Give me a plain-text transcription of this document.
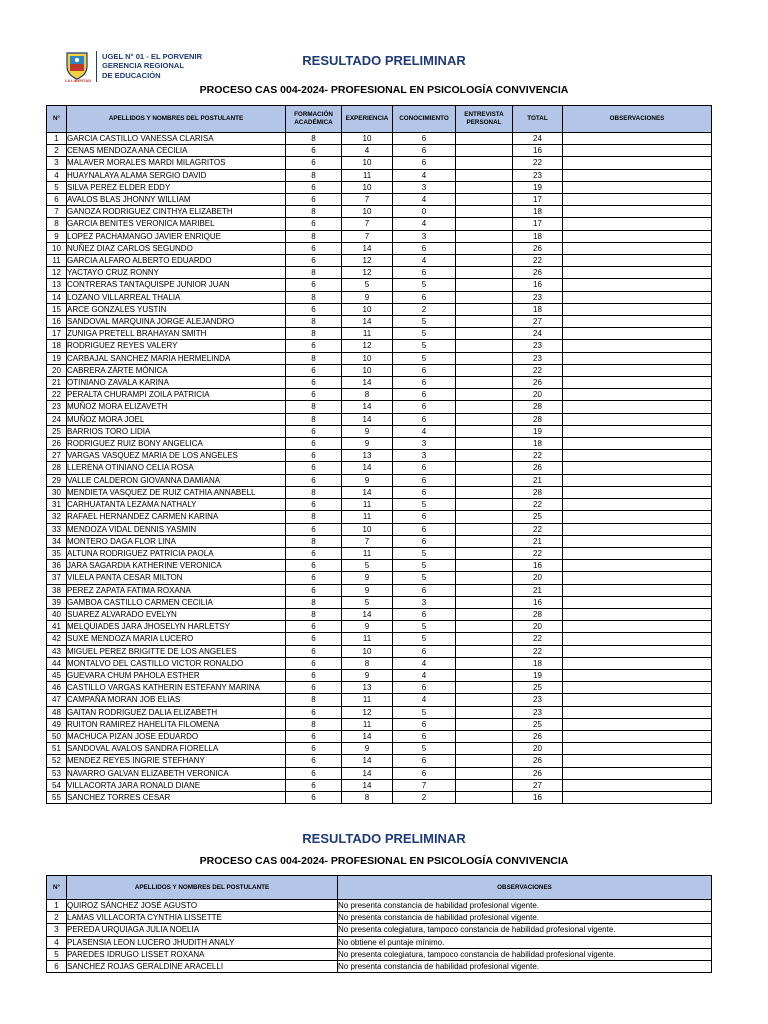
LA LIBERTAD
UGEL N° 01 - EL PORVENIR
GERENCIA REGIONAL
DE EDUCACIÓN
RESULTADO PRELIMINAR
PROCESO CAS 004-2024- PROFESIONAL EN PSICOLOGÍA CONVIVENCIA
N°	APELLIDOS Y NOMBRES DEL POSTULANTE	FORMACIÓN ACADÉMICA	EXPERIENCIA	CONOCIMIENTO	ENTREVISTA PERSONAL	TOTAL	OBSERVACIONES
1	GARCIA CASTILLO VANESSA CLARISA	8	10	6		24	
2	CENAS MENDOZA ANA CECILIA	6	4	6		16	
3	MALAVER MORALES MARDI MILAGRITOS	6	10	6		22	
4	HUAYNALAYA ALAMA SERGIO DAVID	8	11	4		23	
5	SILVA PEREZ ELDER EDDY	6	10	3		19	
6	AVALOS BLAS JHONNY WILLIAM	6	7	4		17	
7	GANOZA RODRIGUEZ CINTHYA ELIZABETH	8	10	0		18	
8	GARCIA BENITES VERONICA MARIBEL	6	7	4		17	
9	LOPEZ PACHAMANGO JAVIER ENRIQUE	8	7	3		18	
10	NUÑEZ DIAZ CARLOS SEGUNDO	6	14	6		26	
11	GARCIA ALFARO ALBERTO EDUARDO	6	12	4		22	
12	YACTAYO CRUZ RONNY	8	12	6		26	
13	CONTRERAS TANTAQUISPE JUNIOR JUAN	6	5	5		16	
14	LOZANO VILLARREAL THALIA	8	9	6		23	
15	ARCE GONZALES YUSTIN	6	10	2		18	
16	SANDOVAL MARQUINA JORGE ALEJANDRO	8	14	5		27	
17	ZUNIGA PRETELL BRAHAYAN SMITH	8	11	5		24	
18	RODRIGUEZ REYES VALERY	6	12	5		23	
19	CARBAJAL SANCHEZ MARIA HERMELINDA	8	10	5		23	
20	CABRERA ZÁRTE MÓNICA	6	10	6		22	
21	OTINIANO ZAVALA KARINA	6	14	6		26	
22	PERALTA CHURAMPI ZOILA PATRICIA	6	8	6		20	
23	MUÑOZ MORA ELIZAVETH	8	14	6		28	
24	MUÑOZ MORA JOEL	8	14	6		28	
25	BARRIOS TORO LIDIA	6	9	4		19	
26	RODRIGUEZ RUIZ BONY ANGELICA	6	9	3		18	
27	VARGAS VASQUEZ MARIA DE LOS ANGELES	6	13	3		22	
28	LLERENA OTINIANO CELIA ROSA	6	14	6		26	
29	VALLE CALDERON GIOVANNA DAMIANA	6	9	6		21	
30	MENDIETA VASQUEZ DE RUIZ CATHIA ANNABELL	8	14	6		28	
31	CARHUATANTA LEZAMA NATHALY	6	11	5		22	
32	RAFAEL HERNANDEZ CARMEN KARINA	8	11	6		25	
33	MENDOZA VIDAL DENNIS YASMIN	6	10	6		22	
34	MONTERO DAGA FLOR LINA	8	7	6		21	
35	ALTUNA RODRIGUEZ PATRICIA PAOLA	6	11	5		22	
36	JARA SAGARDIA KATHERINE VERONICA	6	5	5		16	
37	VILELA PANTA CESAR MILTON	6	9	5		20	
38	PEREZ ZAPATA FATIMA ROXANA	6	9	6		21	
39	GAMBOA CASTILLO CARMEN CECILIA	8	5	3		16	
40	SUAREZ ALVARADO EVELYN	8	14	6		28	
41	MELQUIADES JARA JHOSELYN HARLETSY	6	9	5		20	
42	SUXE MENDOZA MARIA LUCERO	6	11	5		22	
43	MIGUEL PEREZ BRIGITTE DE LOS ANGELES	6	10	6		22	
44	MONTALVO DEL CASTILLO VICTOR RONALDO	6	8	4		18	
45	GUEVARA CHUM PAHOLA ESTHER	6	9	4		19	
46	CASTILLO VARGAS KATHERIN ESTEFANY MARINA	6	13	6		25	
47	CAMPAÑA MORAN JOB ELIAS	8	11	4		23	
48	GAITAN RODRIGUEZ DALIA ELIZABETH	6	12	5		23	
49	RUITON RAMIREZ HAHELITA FILOMENA	8	11	6		25	
50	MACHUCA PIZAN JOSE EDUARDO	6	14	6		26	
51	SANDOVAL AVALOS SANDRA FIORELLA	6	9	5		20	
52	MENDEZ REYES INGRIE STEFHANY	6	14	6		26	
53	NAVARRO GALVAN ELIZABETH VERONICA	6	14	6		26	
54	VILLACORTA JARA RONALD DIANE	6	14	7		27	
55	SANCHEZ TORRES CESAR	6	8	2		16	
RESULTADO PRELIMINAR
PROCESO CAS 004-2024- PROFESIONAL EN PSICOLOGÍA CONVIVENCIA
N°	APELLIDOS Y NOMBRES DEL POSTULANTE	OBSERVACIONES
1	QUIROZ SÁNCHEZ JOSÉ AGUSTO	No presenta constancia de habilidad profesional vigente.
2	LAMAS VILLACORTA CYNTHIA LISSETTE	No presenta constancia de habilidad profesional vigente.
3	PEREDA URQUIAGA JULIA NOELIA	No presenta colegiatura, tampoco constancia de habilidad profesional vigente.
4	PLASENSIA LEON LUCERO JHUDITH ANALY	No obtiene el puntaje mínimo.
5	PAREDES IDRUGO LISSET ROXANA	No presenta colegiatura, tampoco constancia de habilidad profesional vigente.
6	SANCHEZ ROJAS GERALDINE ARACELLI	No presenta constancia de habilidad profesional vigente.
